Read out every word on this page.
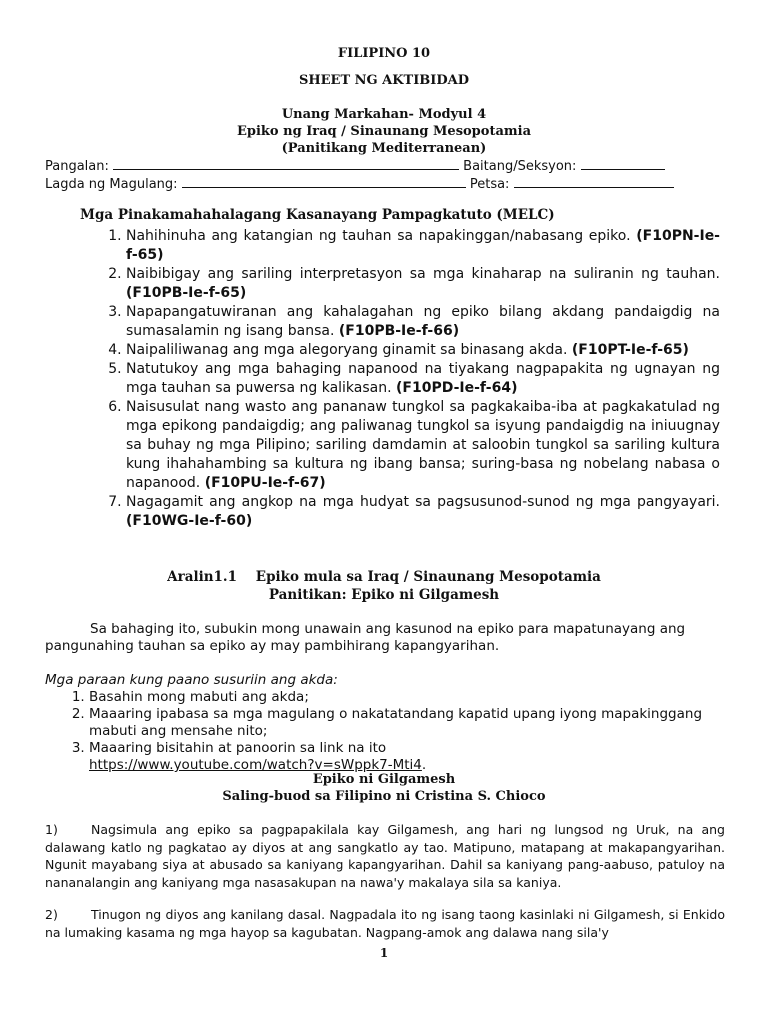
FILIPINO 10
SHEET NG AKTIBIDAD
Unang Markahan- Modyul 4
Epiko ng Iraq / Sinaunang Mesopotamia
(Panitikang Mediterranean)
Pangalan:	Baitang/Seksyon:
Lagda ng Magulang:	Petsa:
Mga Pinakamahahalagang Kasanayang Pampagkatuto (MELC)
1. Nahihinuha ang katangian ng tauhan sa napakinggan/nabasang epiko. (F10PN-Ie-f-65)
2. Naibibigay ang sariling interpretasyon sa mga kinaharap na suliranin ng tauhan. (F10PB-Ie-f-65)
3. Napapangatuwiranan ang kahalagahan ng epiko bilang akdang pandaigdig na sumasalamin ng isang bansa. (F10PB-Ie-f-66)
4. Naipaliliwanag ang mga alegoryang ginamit sa binasang akda. (F10PT-Ie-f-65)
5. Natutukoy ang mga bahaging napanood na tiyakang nagpapakita ng ugnayan ng mga tauhan sa puwersa ng kalikasan. (F10PD-Ie-f-64)
6. Naisusulat nang wasto ang pananaw tungkol sa pagkakaiba-iba at pagkakatulad ng mga epikong pandaigdig; ang paliwanag tungkol sa isyung pandaigdig na iniuugnay sa buhay ng mga Pilipino; sariling damdamin at saloobin tungkol sa sariling kultura kung ihahahambing sa kultura ng ibang bansa; suring-basa ng nobelang nabasa o napanood. (F10PU-Ie-f-67)
7. Nagagamit ang angkop na mga hudyat sa pagsusunod-sunod ng mga pangyayari. (F10WG-Ie-f-60)
Aralin1.1    Epiko mula sa Iraq / Sinaunang Mesopotamia
Panitikan: Epiko ni Gilgamesh
Sa bahaging ito, subukin mong unawain ang kasunod na epiko para mapatunayang ang pangunahing tauhan sa epiko ay may pambihirang kapangyarihan.
Mga paraan kung paano susuriin ang akda:
1. Basahin mong mabuti ang akda;
2. Maaaring ipabasa sa mga magulang o nakatatandang kapatid upang iyong mapakinggang mabuti ang mensahe nito;
3. Maaaring bisitahin at panoorin sa link na ito
https://www.youtube.com/watch?v=sWppk7-Mti4.
Epiko ni Gilgamesh
Saling-buod sa Filipino ni Cristina S. Chioco
1)	Nagsimula ang epiko sa pagpapakilala kay Gilgamesh, ang hari ng lungsod ng Uruk, na ang dalawang katlo ng pagkatao ay diyos at ang sangkatlo ay tao. Matipuno, matapang at makapangyarihan. Ngunit mayabang siya at abusado sa kaniyang kapangyarihan. Dahil sa kaniyang pang-aabuso, patuloy na nananalangin ang kaniyang mga nasasakupan na nawa'y makalaya sila sa kaniya.
2)	Tinugon ng diyos ang kanilang dasal. Nagpadala ito ng isang taong kasinlaki ni Gilgamesh, si Enkido na lumaking kasama ng mga hayop sa kagubatan. Nagpang-amok ang dalawa nang sila'y
1
